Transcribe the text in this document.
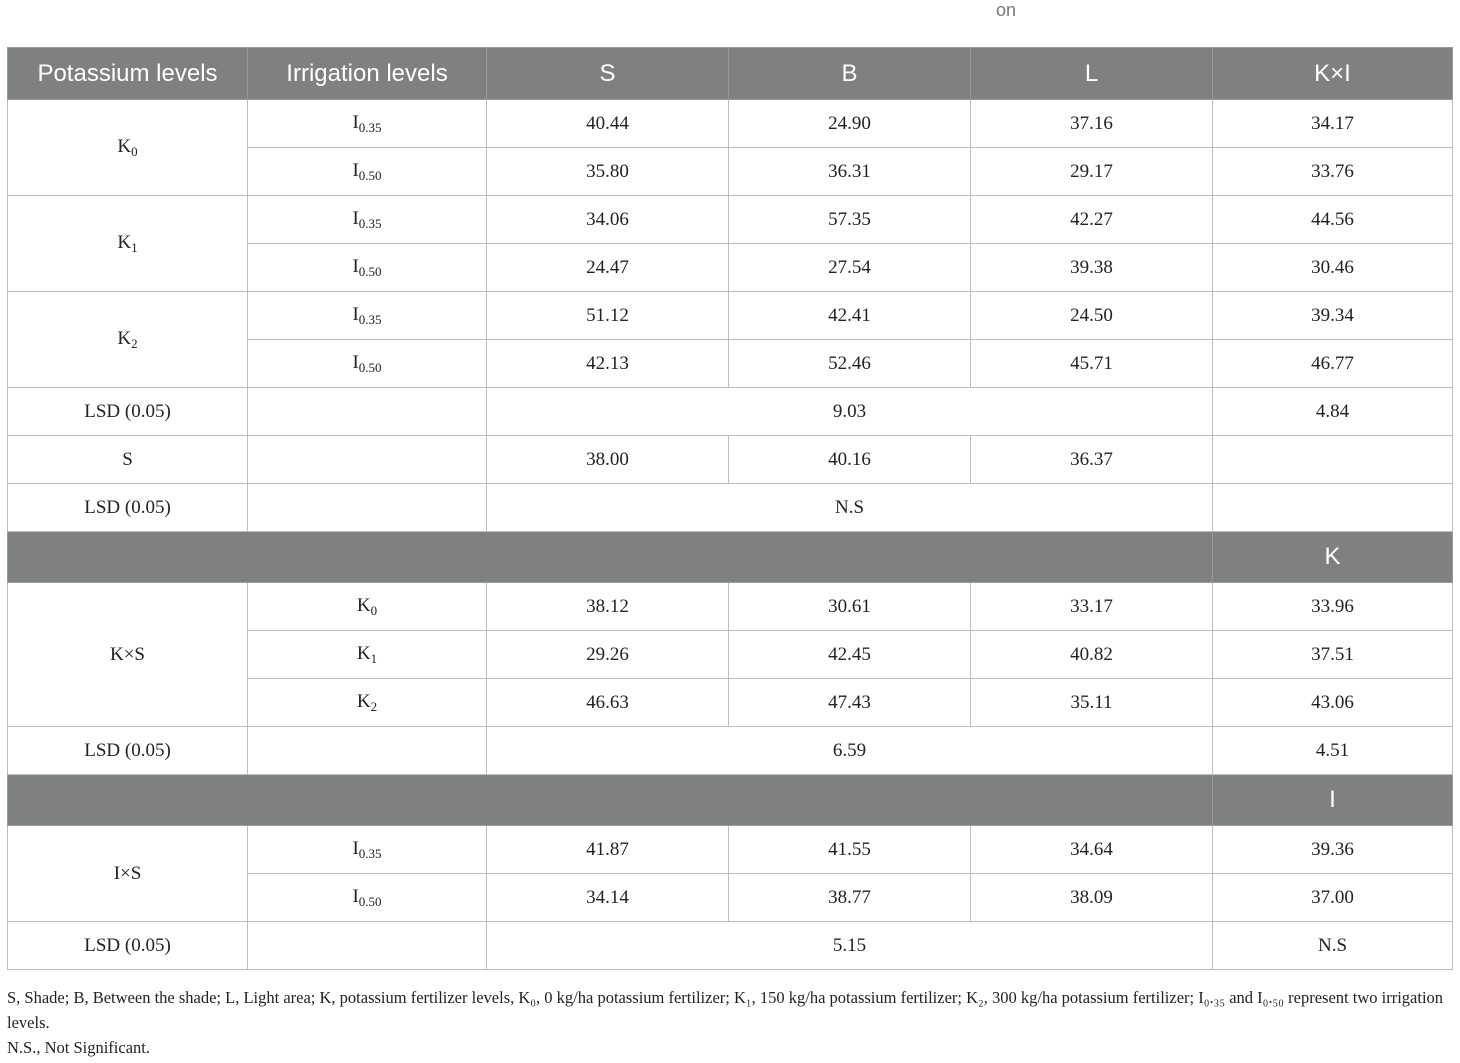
on
Potassium levels	Irrigation levels	S	B	L	K×I
$K_0$	$I_{0.35}$	40.44	24.90	37.16	34.17
	$I_{0.50}$	35.80	36.31	29.17	33.76
$K_1$	$I_{0.35}$	34.06	57.35	42.27	44.56
	$I_{0.50}$	24.47	27.54	39.38	30.46
$K_2$	$I_{0.35}$	51.12	42.41	24.50	39.34
	$I_{0.50}$	42.13	52.46	45.71	46.77
LSD (0.05)		9.03			4.84
S		38.00	40.16	36.37	
LSD (0.05)		N.S			
					K
K×S	$K_0$	38.12	30.61	33.17	33.96
	$K_1$	29.26	42.45	40.82	37.51
	$K_2$	46.63	47.43	35.11	43.06
LSD (0.05)		6.59			4.51
					I
I×S	$I_{0.35}$	41.87	41.55	34.64	39.36
	$I_{0.50}$	34.14	38.77	38.09	37.00
LSD (0.05)		5.15			N.S
S, Shade; B, Between the shade; L, Light area; K, potassium fertilizer levels, K₀, 0 kg/ha potassium fertilizer; K₁, 150 kg/ha potassium fertilizer; K₂, 300 kg/ha potassium fertilizer; I₀.₃₅ and I₀.₅₀ represent two irrigation levels.
N.S., Not Significant.
